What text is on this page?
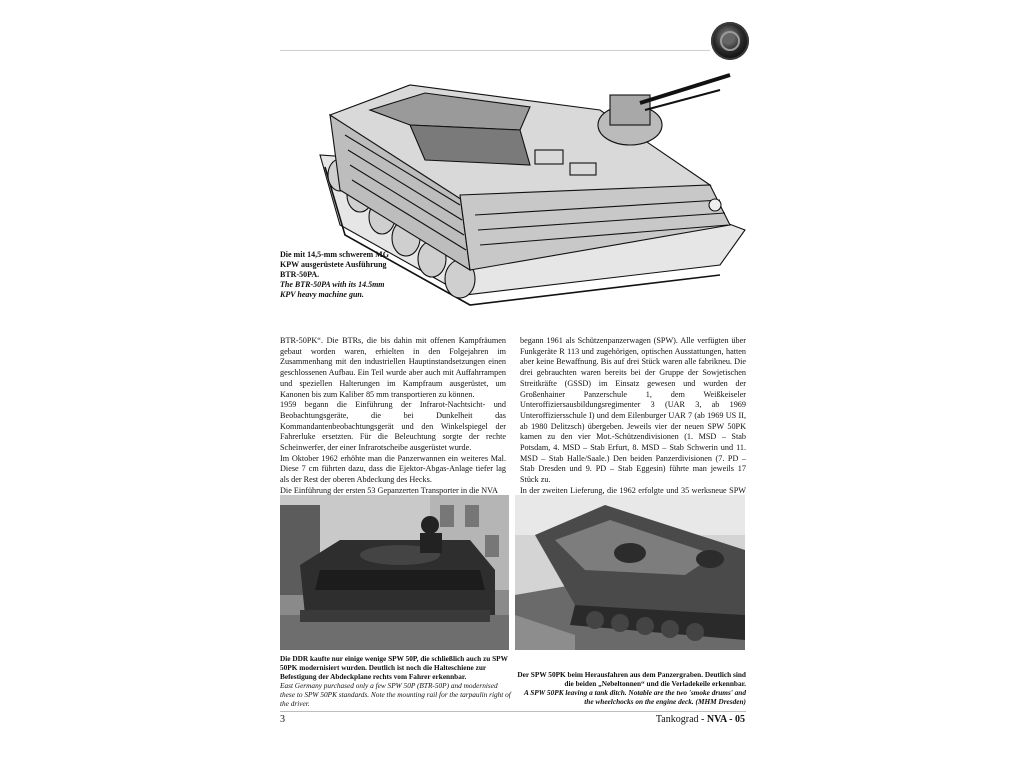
Die mit 14,5-mm schwerem MG KPW ausgerüstete Ausführung BTR-50PA.
The BTR-50PA with its 14.5mm KPV heavy machine gun.

BTR-50PK“. Die BTRs, die bis dahin mit offenen Kampfräumen gebaut worden waren, erhielten in den Folgejahren im Zusammenhang mit den industriellen Hauptinstandsetzungen einen geschlossenen Aufbau. Ein Teil wurde aber auch mit Auffahrrampen und speziellen Halterungen im Kampfraum ausgerüstet, um Kanonen bis zum Kaliber 85 mm transportieren zu können.

1959 begann die Einführung der Infrarot-Nachtsicht- und Beobachtungsgeräte, die bei Dunkelheit das Kommandantenbeobachtungsgerät und den Winkelspiegel der Fahrerluke ersetzten. Für die Beleuchtung sorgte der rechte Scheinwerfer, der einer Infrarotscheibe ausgerüstet wurde.

Im Oktober 1962 erhöhte man die Panzerwannen ein weiteres Mal. Diese 7 cm führten dazu, dass die Ejektor-Abgas-Anlage tiefer lag als der Rest der oberen Abdeckung des Hecks.

Die Einführung der ersten 53 Gepanzerten Transporter in die NVA

begann 1961 als Schützenpanzerwagen (SPW). Alle verfügten über Funkgeräte R 113 und zugehörigen, optischen Ausstattungen, hatten aber keine Bewaffnung. Bis auf drei Stück waren alle fabrikneu. Die drei gebrauchten waren bereits bei der Gruppe der Sowjetischen Streitkräfte (GSSD) im Einsatz gewesen und wurden der Großenhainer Panzerschule 1, dem Weißkeiseler Unteroffiziersausbildungsregimenter 3 (UAR 3, ab 1969 Unteroffiziersschule I) und dem Eilenburger UAR 7 (ab 1969 US II, ab 1980 Delitzsch) übergeben. Jeweils vier der neuen SPW 50PK kamen zu den vier Mot.-Schützendivisionen (1. MSD – Stab Potsdam, 4. MSD – Stab Erfurt, 8. MSD – Stab Schwerin und 11. MSD – Stab Halle/Saale.) Den beiden Panzerdivisionen (7. PD – Stab Dresden und 9. PD – Stab Eggesin) führte man jeweils 17 Stück zu.

In der zweiten Lieferung, die 1962 erfolgte und 35 werksneue SPW

Die DDR kaufte nur einige wenige SPW 50P, die schließlich auch zu SPW 50PK modernisiert wurden. Deutlich ist noch die Halteschiene zur Befestigung der Abdeckplane rechts vom Fahrer erkennbar.
East Germany purchased only a few SPW 50P (BTR-50P) and modernised these to SPW 50PK standards. Note the mounting rail for the tarpaulin right of the driver.
Der SPW 50PK beim Herausfahren aus dem Panzergraben. Deutlich sind die beiden „Nebeltonnen“ und die Verladekeile erkennbar.
A SPW 50PK leaving a tank ditch. Notable are the two 'smoke drums' and the wheelchocks on the engine deck. (MHM Dresden)
3	Tankograd - NVA - 05
